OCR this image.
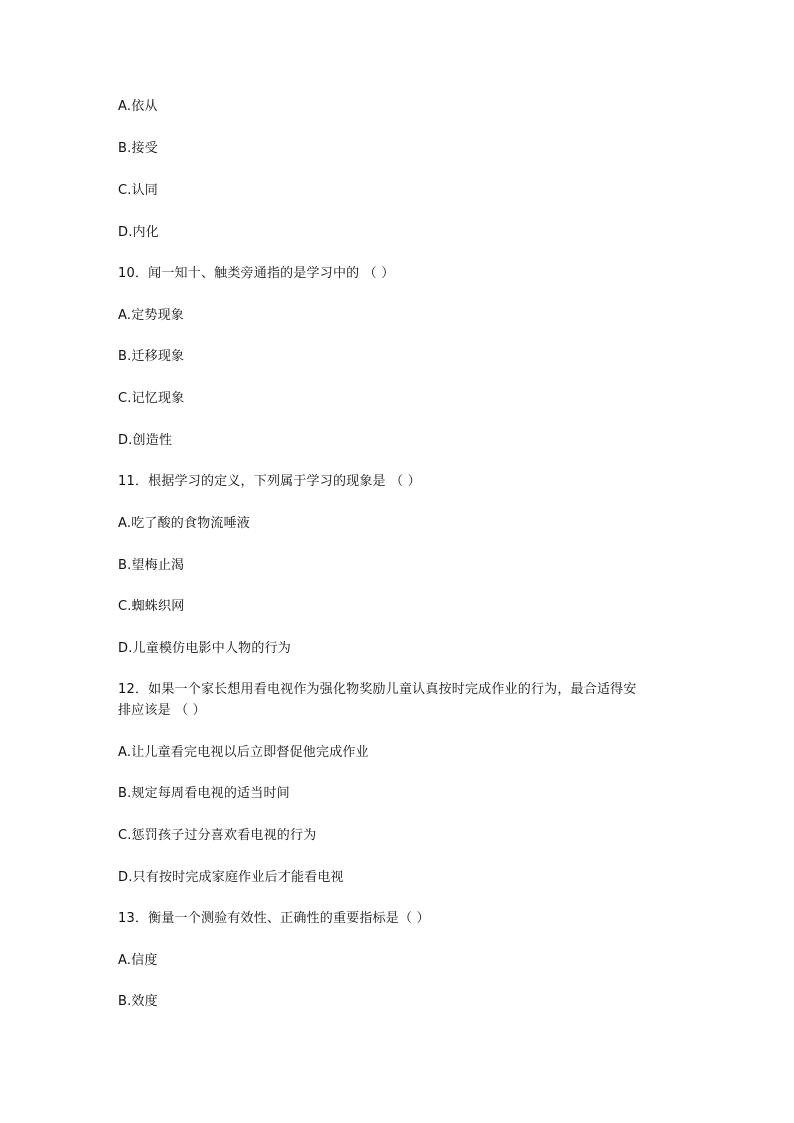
A.依从
B.接受
C.认同
D.内化
10．闻一知十、触类旁通指的是学习中的 （ ）
A.定势现象
B.迁移现象
C.记忆现象
D.创造性
11．根据学习的定义，下列属于学习的现象是 （ ）
A.吃了酸的食物流唾液
B.望梅止渴
C.蜘蛛织网
D.儿童模仿电影中人物的行为
12．如果一个家长想用看电视作为强化物奖励儿童认真按时完成作业的行为，最合适得安
排应该是 （ ）
A.让儿童看完电视以后立即督促他完成作业
B.规定每周看电视的适当时间
C.惩罚孩子过分喜欢看电视的行为
D.只有按时完成家庭作业后才能看电视
13．衡量一个测验有效性、正确性的重要指标是（ ）
A.信度
B.效度
